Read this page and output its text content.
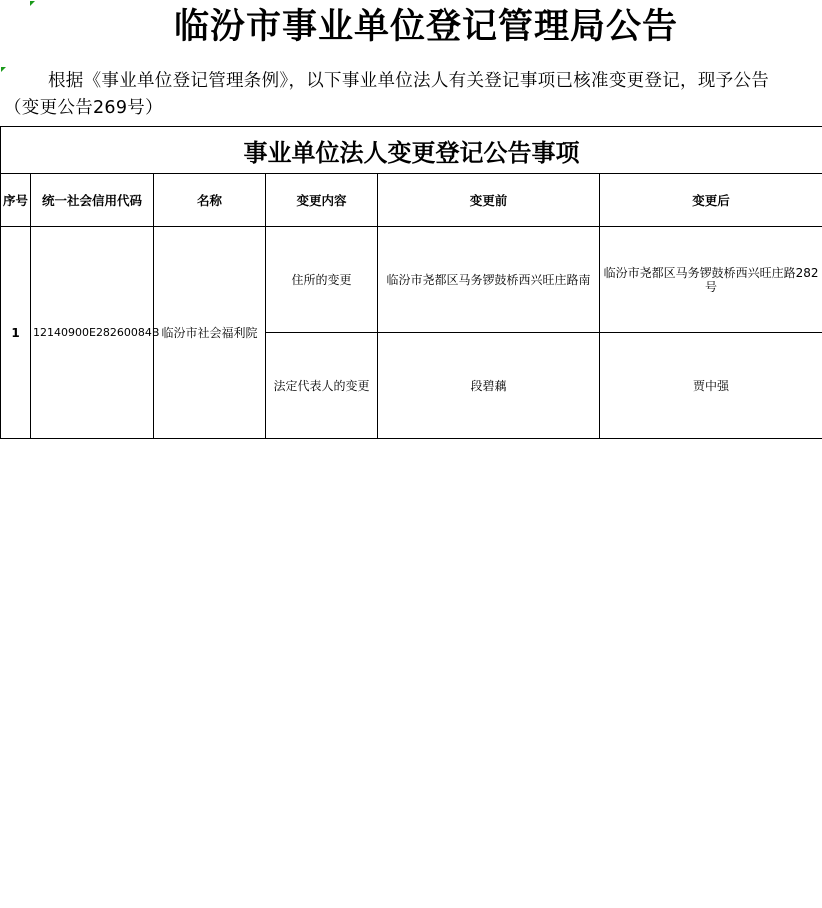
临汾市事业单位登记管理局公告
根据《事业单位登记管理条例》，以下事业单位法人有关登记事项已核准变更登记，现予公告（变更公告269号）
事业单位法人变更登记公告事项					
序号	统一社会信用代码	名称	变更内容	变更前	变更后
1	12140900E28260084B	临汾市社会福利院	住所的变更	临汾市尧都区马务锣鼓桥西兴旺庄路南	临汾市尧都区马务锣鼓桥西兴旺庄路282号
			法定代表人的变更	段碧藕	贾中强
